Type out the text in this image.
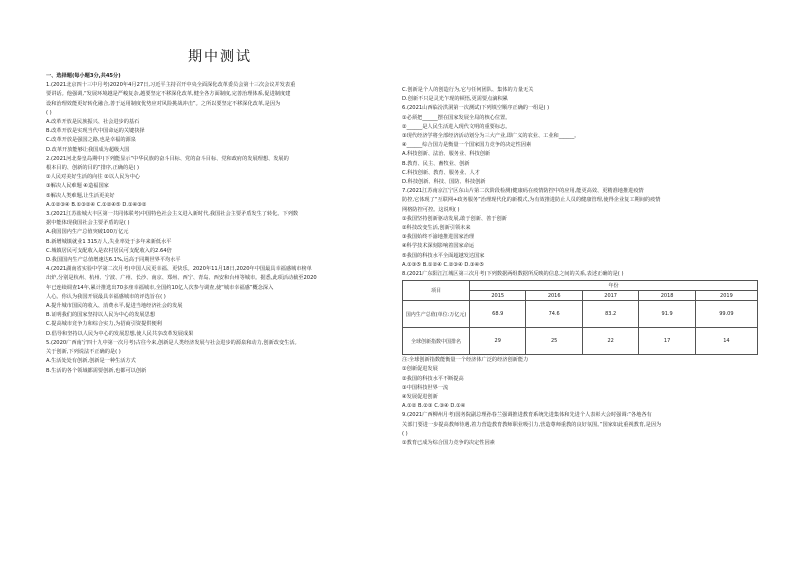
期中测试
一、选择题(每小题3分,共45分)
1.(2021北京四十三中月考)2020年4月27日,习近平主持召开中央全面深化改革委员会第十三次会议并发表重
要讲话。他强调,“发展环境越是严峻复杂,越要坚定不移深化改革,健全各方面制度,完善治理体系,促进制度建
设和治理效能更好转化融合,善于运用制度优势应对风险挑战冲击”。之所以要坚定不移深化改革,是因为
( )
A.改革开放是民族振兴、社会进步的基石
B.改革开放是实现当代中国命运的关键抉择
C.改革开放是强国之路,也是幸福的源泉
D.改革开放能够让我国成为超级大国
2.(2021河北秦皇岛期中)下列能显示“中华民族的奋斗目标、党的奋斗目标、党和政府的发展理想、发展的
根本目的、创新的目的”排序,正确的是( )
①人民对美好生活的向往 ②以人民为中心
③解决人民难题 ④造福国家
⑤解决人类难题,让生活更美好
A.①②③④ B.①③②④ C.①②④⑤ D.①④③②
3.(2021江苏盐城大丰区第一共同体联考)中国特色社会主义进入新时代,我国社会主要矛盾发生了转化。下列数
据中能体现我国社会主要矛盾的是( )
A.我国国内生产总值突破100万亿元
B.新增城镇就业1 315万人,失业率处于多年来新低水平
C.城镇居民可支配收入是农村居民可支配收入的2.64倍
D.我国国内生产总值增速达6.1%,远高于同期世界平均水平
4.(2021湖南省实验中学第二次月考)中国人民更幸福、更快乐。2020年11月18日,2020年中国最具幸福感城市榜单
出炉,分别是杭州、杭州、宁波、广州、长沙、南京、郑州、西宁、青岛、西安和台州等城市。据悉,此项活动截至2020
年已连续调查14年,累计推选出70多座幸福城市,全国约10亿人次参与调查,使“城市幸福感”概念深入
人心。你认为我国开展最具幸福感城市的评选旨在( )
A.提升城市国民的收入、消费水平,促进当地经济社会的发展
B.证明我们的国家坚持以人民为中心的发展思想
C.提高城市竞争力和综合实力,为招商引资提供便利
D.倡导和坚持以人民为中心的发展思想,使人民共享改革发展成果
5.(2020广西南宁四十九中第一次月考)古往今来,创新是人类经济发展与社会进步的源泉和动力,创新改变生活。
关于创新,下列说法不正确的是( )
A.生活处处有创新,创新是一种生活方式
B.生活的各个领域都需要创新,也都可以创新
C.创新是个人的创造行为,它与任何团队、集体的力量无关
D.创新不只是灵光乍现的顿悟,更需要点滴积累
6.(2021山西临汾洪洞第一次测试)下列填空顺序正确的一组是( )
①必须把______摆在国家发展全局的核心位置。
②______是人民生活进入现代文明的重要标志。
③现代经济学将全部经济活动划分为三大产业,即广义的农业、工业和______。
④______综合国力是衡量一个国家国力竞争的决定性因素
A.科技创新、法治、服务业、科技创新
B.教育、民主、畜牧业、创新
C.科技创新、教育、服务业、人才
D.科技创新、科技、国防、科技创新
7.(2021江苏南京江宁区东山片第二次阶段检测)健康码在疫情防控中的应用,能更高效、更精准地推进疫情
防控,它体现了“互联网+政务服务”治理现代化的新模式,为有效推进防止人员的健康管理,使得企业复工期间的疫情
网格防控可控。这说明( )
①我国坚持创新驱动发展,敢于创新、善于创新
②科技改变生活,创新引领未来
③我国始终不渝地推进国家治理
④科学技术深刻影响着国家命运
⑤我国的科技水平全面超越发达国家
A.①③⑤ B.①②④ C.②③④ D.③④⑤
8.(2021广东阳江江城区第三次月考)下列数据两组数据所反映的信息之间的关系,表述正确的是( )
项目	年份				
	2015	2016	2017	2018	2019
国内生产总值(单位:万亿元)	68.9	74.6	83.2	91.9	99.09
全球创新指数中国排名	29	25	22	17	14
注:全球创新指数能衡量一个经济体广泛的经济创新能力
①创新促进发展
②我国的科技水平不断提高
③中国科技世界一流
④发展促进创新
A.①② B.②③ C.③④ D.①④
9.(2021广西柳州月考)国务院副总理孙春兰强调推进教育系统先进集体和先进个人表彰大会时强调:“各地各有
关部门要进一步提高教师待遇,着力营造教育教师职业吸引力,营造尊师重教的良好氛围。”国家如此重视教育,是因为
( )
①教育已成为综合国力竞争的决定性因素
